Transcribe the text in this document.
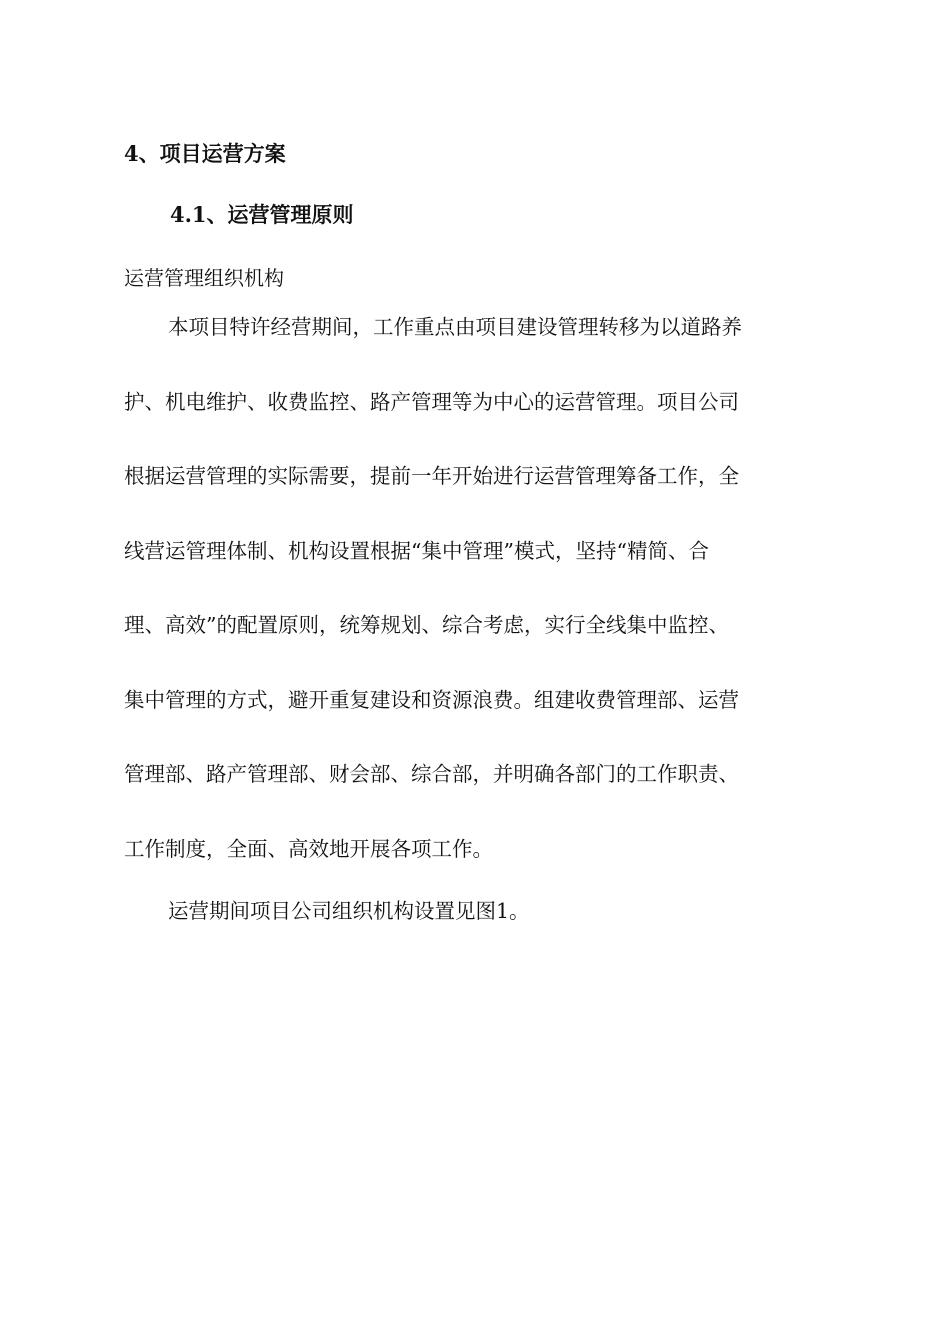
4、项目运营方案
4.1、运营管理原则
运营管理组织机构
本项目特许经营期间，工作重点由项目建设管理转移为以道路养
护、机电维护、收费监控、路产管理等为中心的运营管理。项目公司
根据运营管理的实际需要，提前一年开始进行运营管理筹备工作，全
线营运管理体制、机构设置根据“集中管理”模式，坚持“精简、合
理、高效”的配置原则，统筹规划、综合考虑，实行全线集中监控、
集中管理的方式，避开重复建设和资源浪费。组建收费管理部、运营
管理部、路产管理部、财会部、综合部，并明确各部门的工作职责、
工作制度，全面、高效地开展各项工作。
运营期间项目公司组织机构设置见图1。
